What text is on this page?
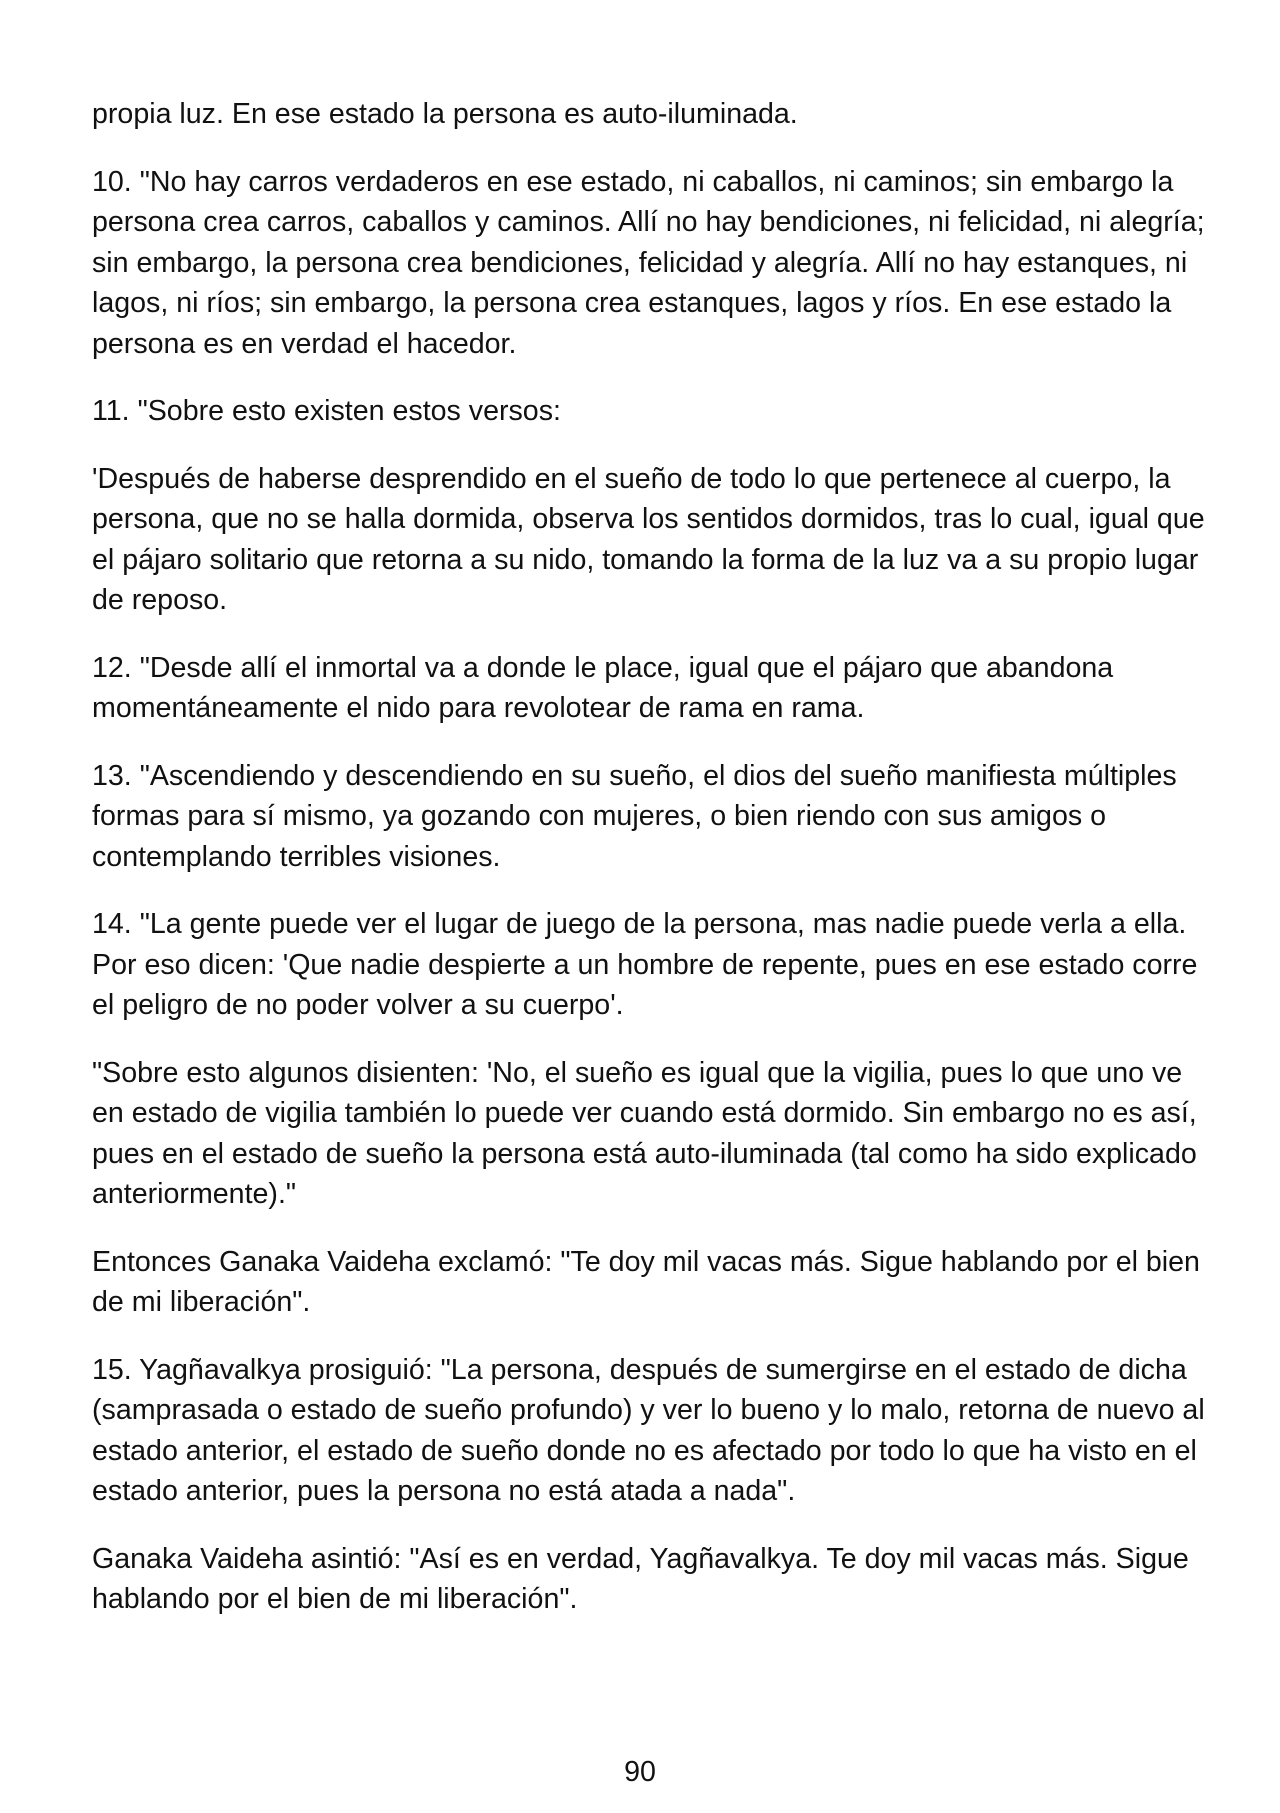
propia luz. En ese estado la persona es auto-iluminada.

10. "No hay carros verdaderos en ese estado, ni caballos, ni caminos; sin embargo la persona crea carros, caballos y caminos. Allí no hay bendiciones, ni felicidad, ni alegría; sin embargo, la persona crea bendiciones, felicidad y alegría. Allí no hay estanques, ni lagos, ni ríos; sin embargo, la persona crea estanques, lagos y ríos. En ese estado la persona es en verdad el hacedor.

11. "Sobre esto existen estos versos:

'Después de haberse desprendido en el sueño de todo lo que pertenece al cuerpo, la persona, que no se halla dormida, observa los sentidos dormidos, tras lo cual, igual que el pájaro solitario que retorna a su nido, tomando la forma de la luz va a su propio lugar de reposo.

12. "Desde allí el inmortal va a donde le place, igual que el pájaro que abandona momentáneamente el nido para revolotear de rama en rama.

13. "Ascendiendo y descendiendo en su sueño, el dios del sueño manifiesta múltiples formas para sí mismo, ya gozando con mujeres, o bien riendo con sus amigos o contemplando terribles visiones.

14. "La gente puede ver el lugar de juego de la persona, mas nadie puede verla a ella. Por eso dicen: 'Que nadie despierte a un hombre de repente, pues en ese estado corre el peligro de no poder volver a su cuerpo'.

"Sobre esto algunos disienten: 'No, el sueño es igual que la vigilia, pues lo que uno ve en estado de vigilia también lo puede ver cuando está dormido. Sin embargo no es así, pues en el estado de sueño la persona está auto-iluminada (tal como ha sido explicado anteriormente)."

Entonces Ganaka Vaideha exclamó: "Te doy mil vacas más. Sigue hablando por el bien de mi liberación".

15. Yagñavalkya prosiguió: "La persona, después de sumergirse en el estado de dicha (samprasada o estado de sueño profundo) y ver lo bueno y lo malo, retorna de nuevo al estado anterior, el estado de sueño donde no es afectado por todo lo que ha visto en el estado anterior, pues la persona no está atada a nada".

Ganaka Vaideha asintió: "Así es en verdad, Yagñavalkya. Te doy mil vacas más. Sigue hablando por el bien de mi liberación".

90
